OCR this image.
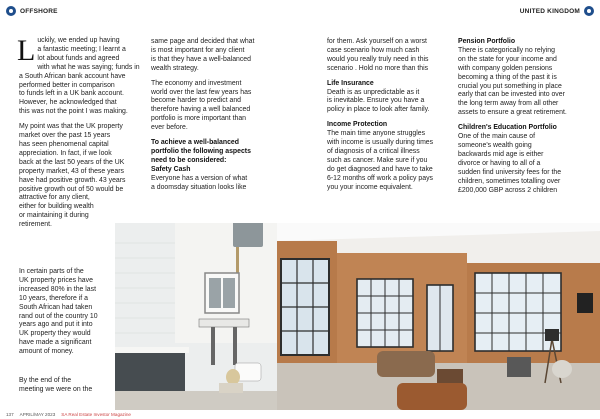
OFFSHORE	UNITED KINGDOM

Luckily, we ended up having
a fantastic meeting; I learnt a
lot about funds and agreed
with what he was saying; funds in
a South African bank account have
performed better in comparison
to funds left in a UK bank account.
However, he acknowledged that
this was not the point I was making.

My point was that the UK property
market over the past 15 years
has seen phenomenal capital
appreciation. In fact, if we look
back at the last 50 years of the UK
property market, 43 of these years
have had positive growth. 43 years
positive growth out of 50 would be
attractive for any client,
either for building wealth
or maintaining it during
retirement.

In certain parts of the
UK property prices have
increased 80% in the last
10 years, therefore if a
South African had taken
rand out of the country 10
years ago and put it into
UK property they would
have made a significant
amount of money.

By the end of the
meeting we were on the

same page and decided that what
is most important for any client
is that they have a well-balanced
wealth strategy.

The economy and investment
world over the last few years has
become harder to predict and
therefore having a well balanced
portfolio is more important than
ever before.

To achieve a well-balanced
portfolio the following aspects
need to be considered:
Safety Cash

Everyone has a version of what
a doomsday situation looks like

for them. Ask yourself on a worst
case scenario how much cash
would you really truly need in this
scenario . Hold no more than this

Life Insurance

Death is as unpredictable as it
is inevitable. Ensure you have a
policy in place to look after family.

Income Protection

The main time anyone struggles
with income is usually during times
of diagnosis of a critical illness
such as cancer. Make sure if you
do get diagnosed and have to take
6-12 months off work a policy pays
you your income equivalent.

Pension Portfolio

There is categorically no relying
on the state for your income and
with company golden pensions
becoming a thing of the past it is
crucial you put something in place
early that can be invested into over
the long term away from all other
assets to ensure a great retirement.

Children's Education Portfolio

One of the main cause of
someone's wealth going
backwards mid age is either
divorce or having to all of a
sudden find university fees for the
children, sometimes totalling over
£200,000 GBP across 2 children

137 APRIL/MAY 2023 SA Real Estate Investor Magazine
